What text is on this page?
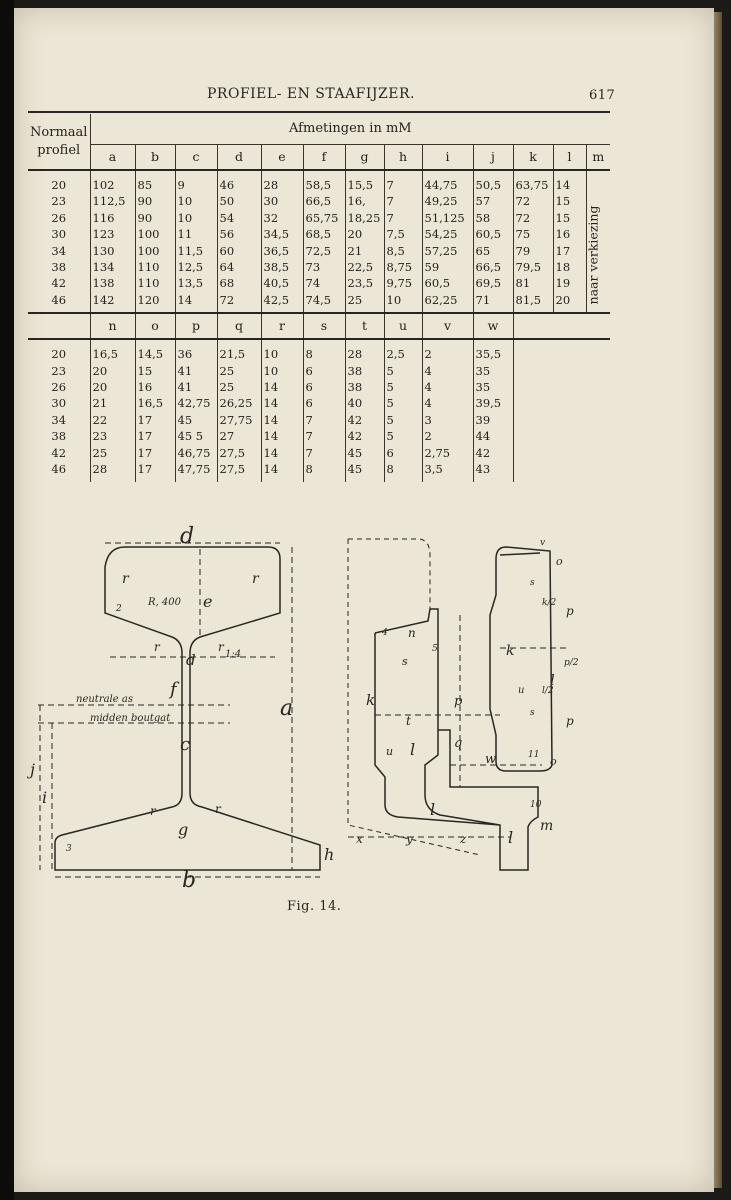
PROFIEL- EN STAAFIJZER.	617
Normaal
profiel	Afmetingen in mM												
	a	b	c	d	e	f	g	h	i	j	k	l	m
20	102	85	9	46	28	58,5	15,5	7	44,75	50,5	63,75	14	
23	112,5	90	10	50	30	66,5	16,	7	49,25	57	72	15	
26	116	90	10	54	32	65,75	18,25	7	51,125	58	72	15	
30	123	100	11	56	34,5	68,5	20	7,5	54,25	60,5	75	16	
34	130	100	11,5	60	36,5	72,5	21	8,5	57,25	65	79	17	
38	134	110	12,5	64	38,5	73	22,5	8,75	59	66,5	79,5	18	
42	138	110	13,5	68	40,5	74	23,5	9,75	60,5	69,5	81	19	
46	142	120	14	72	42,5	74,5	25	10	62,25	71	81,5	20	
	n	o	p	q	r	s	t	u	v	w			
20	16,5	14,5	36	21,5	10	8	28	2,5	2	35,5			
23	20	15	41	25	10	6	38	5	4	35			
26	20	16	41	25	14	6	38	5	4	35			
30	21	16,5	42,75	26,25	14	6	40	5	4	39,5			
34	22	17	45	27,75	14	7	42	5	3	39			
38	23	17	45 5	27	14	7	42	5	2	44			
42	25	17	46,75	27,5	14	7	45	6	2,75	42			
46	28	17	47,75	27,5	14	8	45	8	3,5	43			
naar verkiezing
d
b
a
e
f
c
g
h
r	r
R, 400
1:4
neutrale as
midden boutgat
j
i
d
r	r
r	r
k
l
l
l
n
p
q
s
t
u
w
x	y	z
m
k
l
u
o
o
p
p
k/2
l/2
p/2
s
s
v
2
3
4
5
10
11
Fig. 14.
